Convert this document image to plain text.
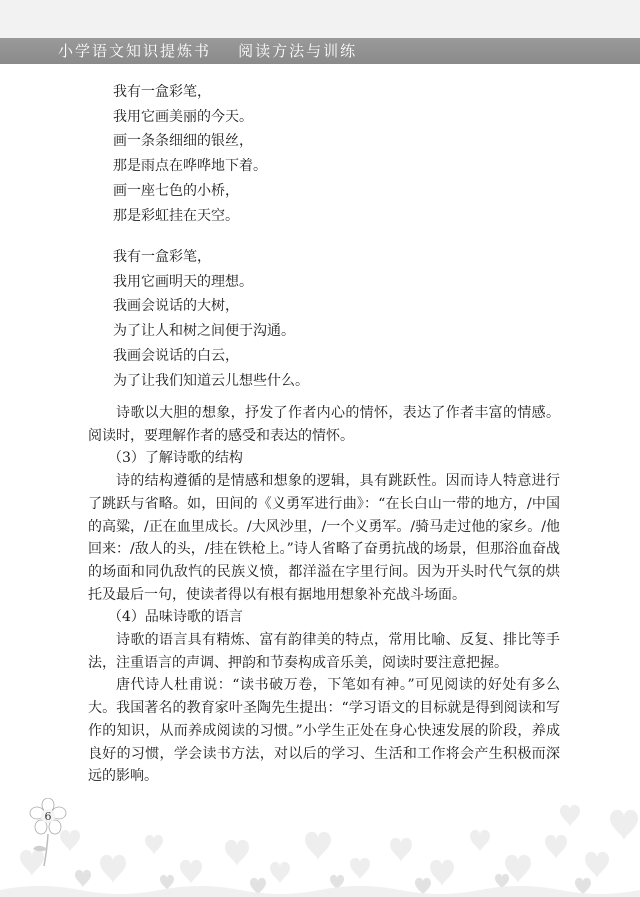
小学语文知识提炼书    阅读方法与训练
我有一盒彩笔，
我用它画美丽的今天。
画一条条细细的银丝，
那是雨点在哗哗地下着。
画一座七色的小桥，
那是彩虹挂在天空。
我有一盒彩笔，
我用它画明天的理想。
我画会说话的大树，
为了让人和树之间便于沟通。
我画会说话的白云，
为了让我们知道云儿想些什么。

诗歌以大胆的想象，抒发了作者内心的情怀，表达了作者丰富的情感。阅读时，要理解作者的感受和表达的情怀。

（3）了解诗歌的结构

诗的结构遵循的是情感和想象的逻辑，具有跳跃性。因而诗人特意进行了跳跃与省略。如，田间的《义勇军进行曲》：“在长白山一带的地方，/中国的高粱，/正在血里成长。/大风沙里，/一个义勇军。/骑马走过他的家乡。/他回来：/敌人的头，/挂在铁枪上。”诗人省略了奋勇抗战的场景，但那浴血奋战的场面和同仇敌忾的民族义愤，都洋溢在字里行间。因为开头时代气氛的烘托及最后一句，使读者得以有根有据地用想象补充战斗场面。

（4）品味诗歌的语言

诗歌的语言具有精炼、富有韵律美的特点，常用比喻、反复、排比等手法，注重语言的声调、押韵和节奏构成音乐美，阅读时要注意把握。

唐代诗人杜甫说：“读书破万卷，下笔如有神。”可见阅读的好处有多么大。我国著名的教育家叶圣陶先生提出：“学习语文的目标就是得到阅读和写作的知识，从而养成阅读的习惯。”小学生正处在身心快速发展的阶段，养成良好的习惯，学会读书方法，对以后的学习、生活和工作将会产生积极而深远的影响。

6
